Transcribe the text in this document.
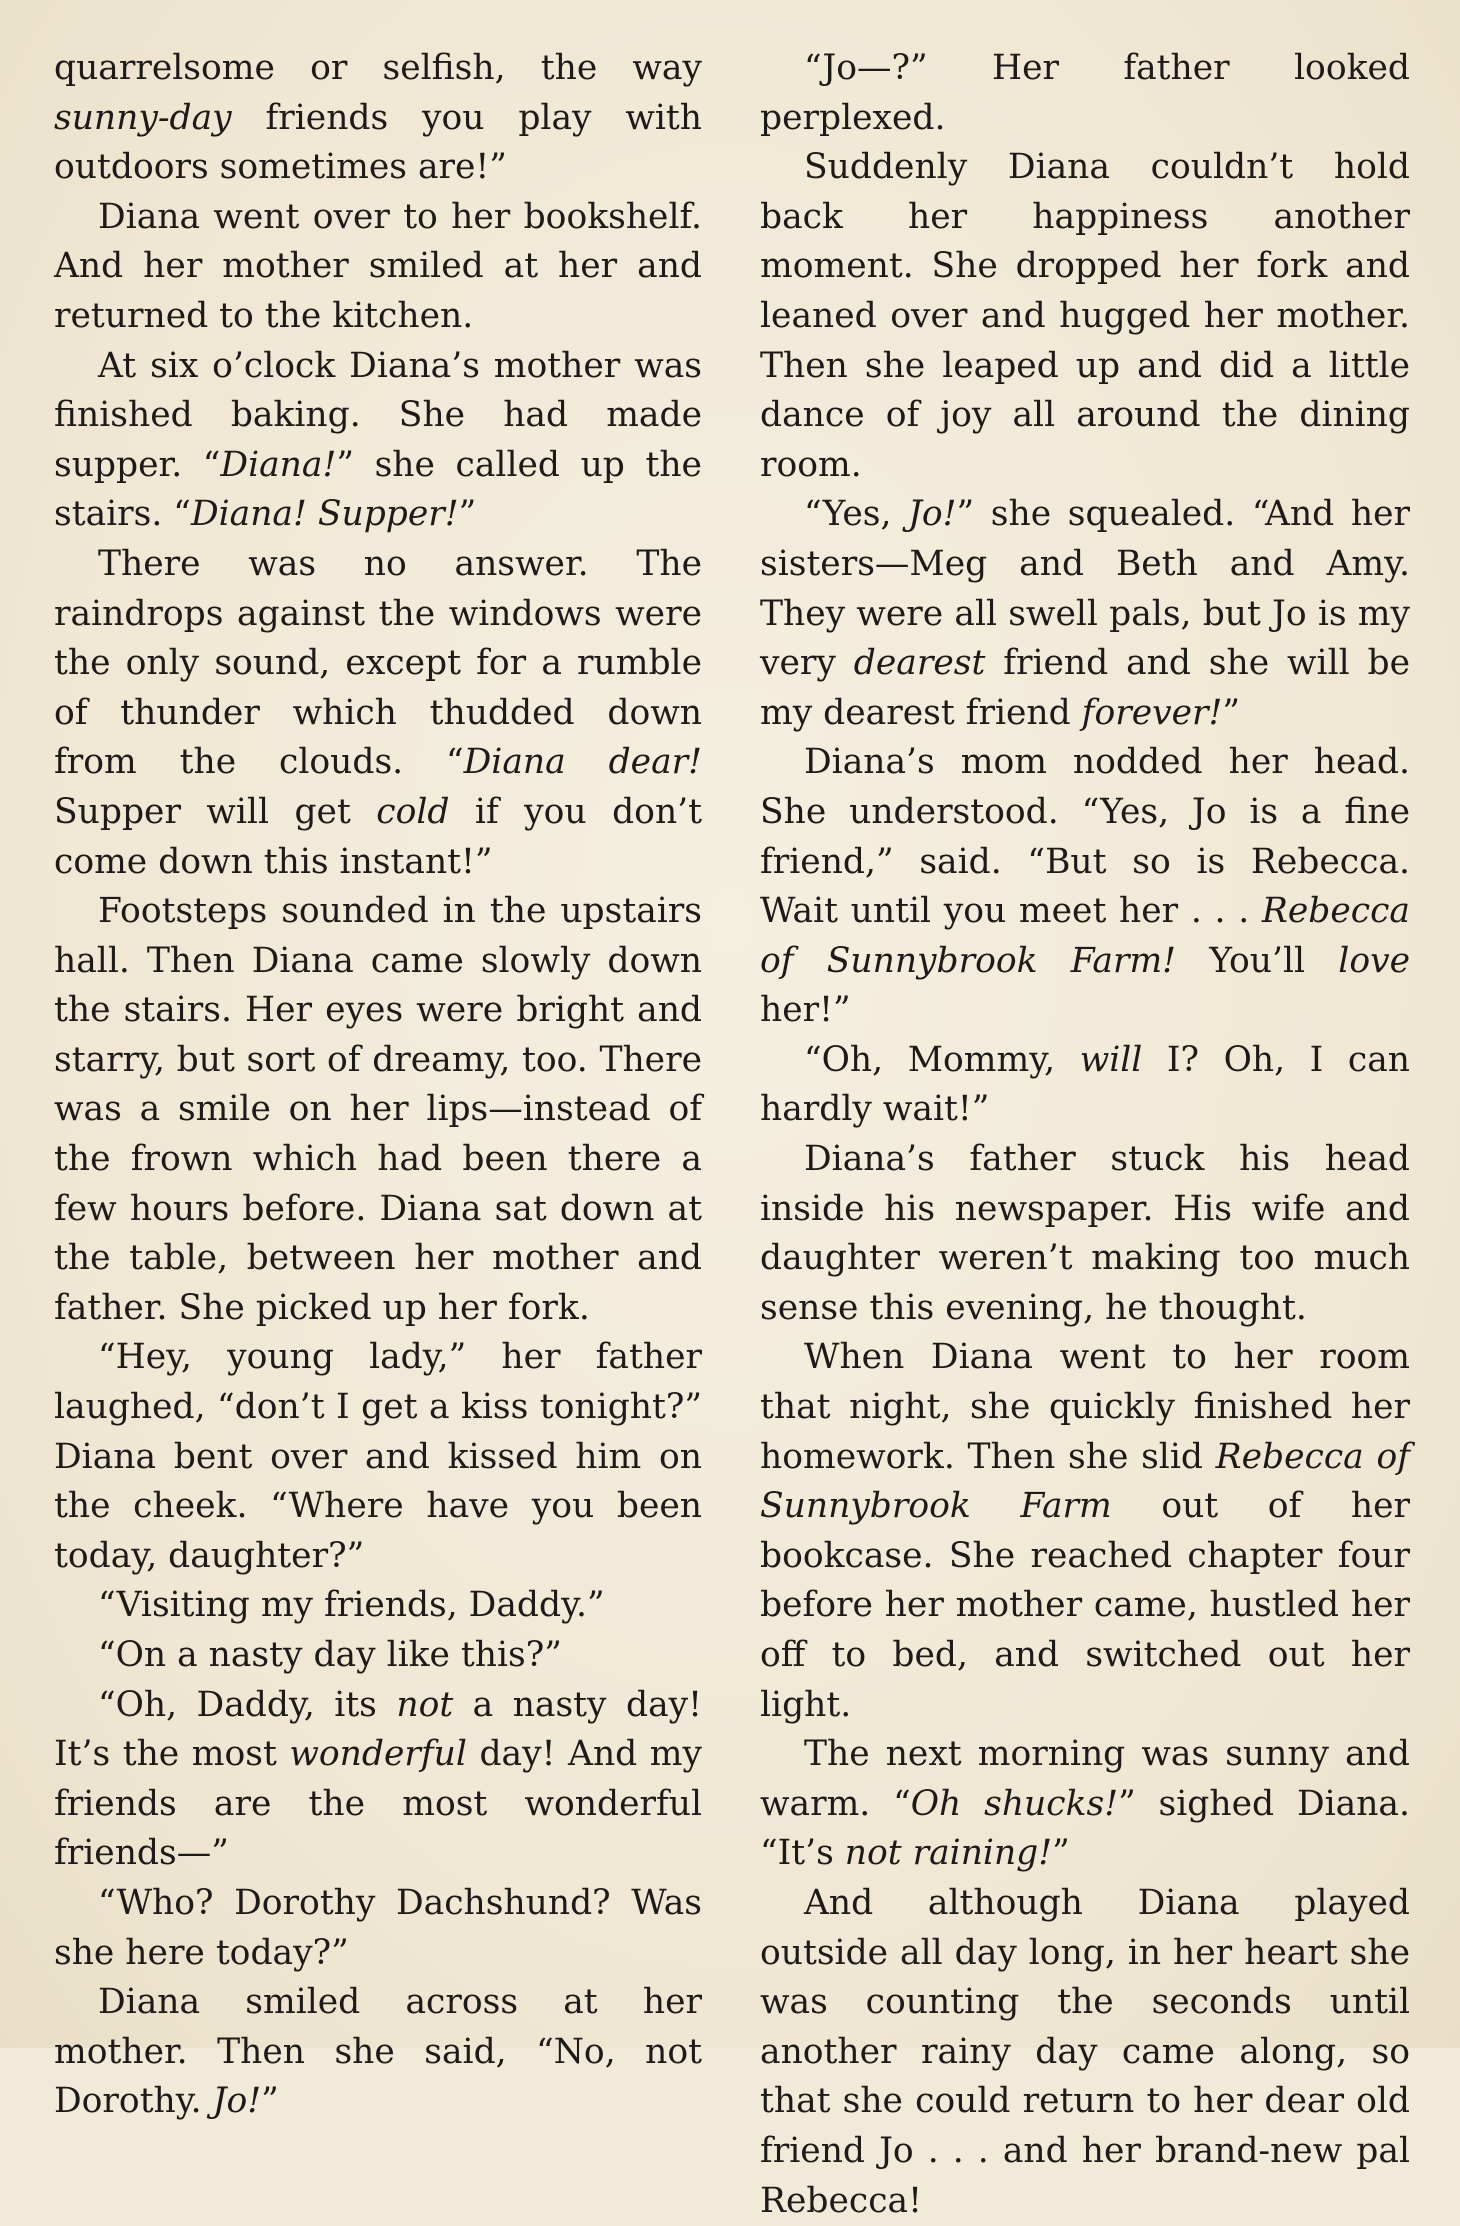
quarrelsome or selfish, the way sunny-day friends you play with outdoors sometimes are!”

Diana went over to her bookshelf. And her mother smiled at her and returned to the kitchen.

At six o’clock Diana’s mother was finished baking. She had made supper. “Diana!” she called up the stairs. “Diana! Supper!”

There was no answer. The raindrops against the windows were the only sound, except for a rumble of thunder which thudded down from the clouds. “Diana dear! Supper will get cold if you don’t come down this instant!”

Footsteps sounded in the upstairs hall. Then Diana came slowly down the stairs. Her eyes were bright and starry, but sort of dreamy, too. There was a smile on her lips—instead of the frown which had been there a few hours before. Diana sat down at the table, between her mother and father. She picked up her fork.

“Hey, young lady,” her father laughed, “don’t I get a kiss tonight?” Diana bent over and kissed him on the cheek. “Where have you been today, daughter?”

“Visiting my friends, Daddy.”

“On a nasty day like this?”

“Oh, Daddy, its not a nasty day! It’s the most wonderful day! And my friends are the most wonderful friends—”

“Who? Dorothy Dachshund? Was she here today?”

Diana smiled across at her mother. Then she said, “No, not Dorothy. Jo!”

“Jo—?” Her father looked perplexed.

Suddenly Diana couldn’t hold back her happiness another moment. She dropped her fork and leaned over and hugged her mother. Then she leaped up and did a little dance of joy all around the dining room.

“Yes, Jo!” she squealed. “And her sisters—Meg and Beth and Amy. They were all swell pals, but Jo is my very dearest friend and she will be my dearest friend forever!”

Diana’s mom nodded her head. She understood. “Yes, Jo is a fine friend,” said. “But so is Rebecca. Wait until you meet her . . . Rebecca of Sunnybrook Farm! You’ll love her!”

“Oh, Mommy, will I? Oh, I can hardly wait!”

Diana’s father stuck his head inside his newspaper. His wife and daughter weren’t making too much sense this evening, he thought.

When Diana went to her room that night, she quickly finished her homework. Then she slid Rebecca of Sunnybrook Farm out of her bookcase. She reached chapter four before her mother came, hustled her off to bed, and switched out her light.

The next morning was sunny and warm. “Oh shucks!” sighed Diana. “It’s not raining!”

And although Diana played outside all day long, in her heart she was counting the seconds until another rainy day came along, so that she could return to her dear old friend Jo . . . and her brand-new pal Rebecca!
